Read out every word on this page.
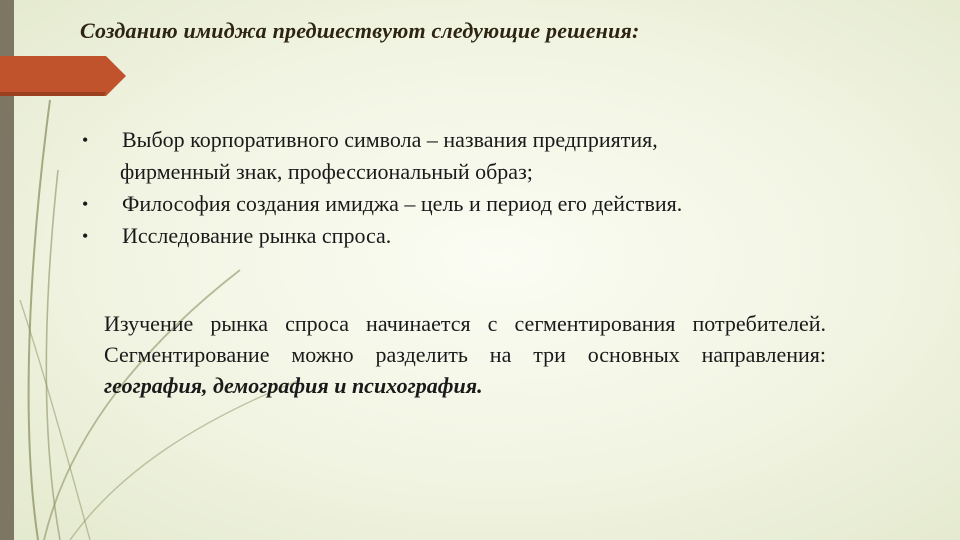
Созданию имиджа предшествуют следующие решения:
• Выбор корпоративного символа – названия предприятия,
фирменный знак, профессиональный образ;
• Философия создания имиджа – цель и период его действия.
• Исследование рынка спроса.

Изучение рынка спроса начинается с сегментирования потребителей. Сегментирование можно разделить на три основных направления: география, демография и психография.
